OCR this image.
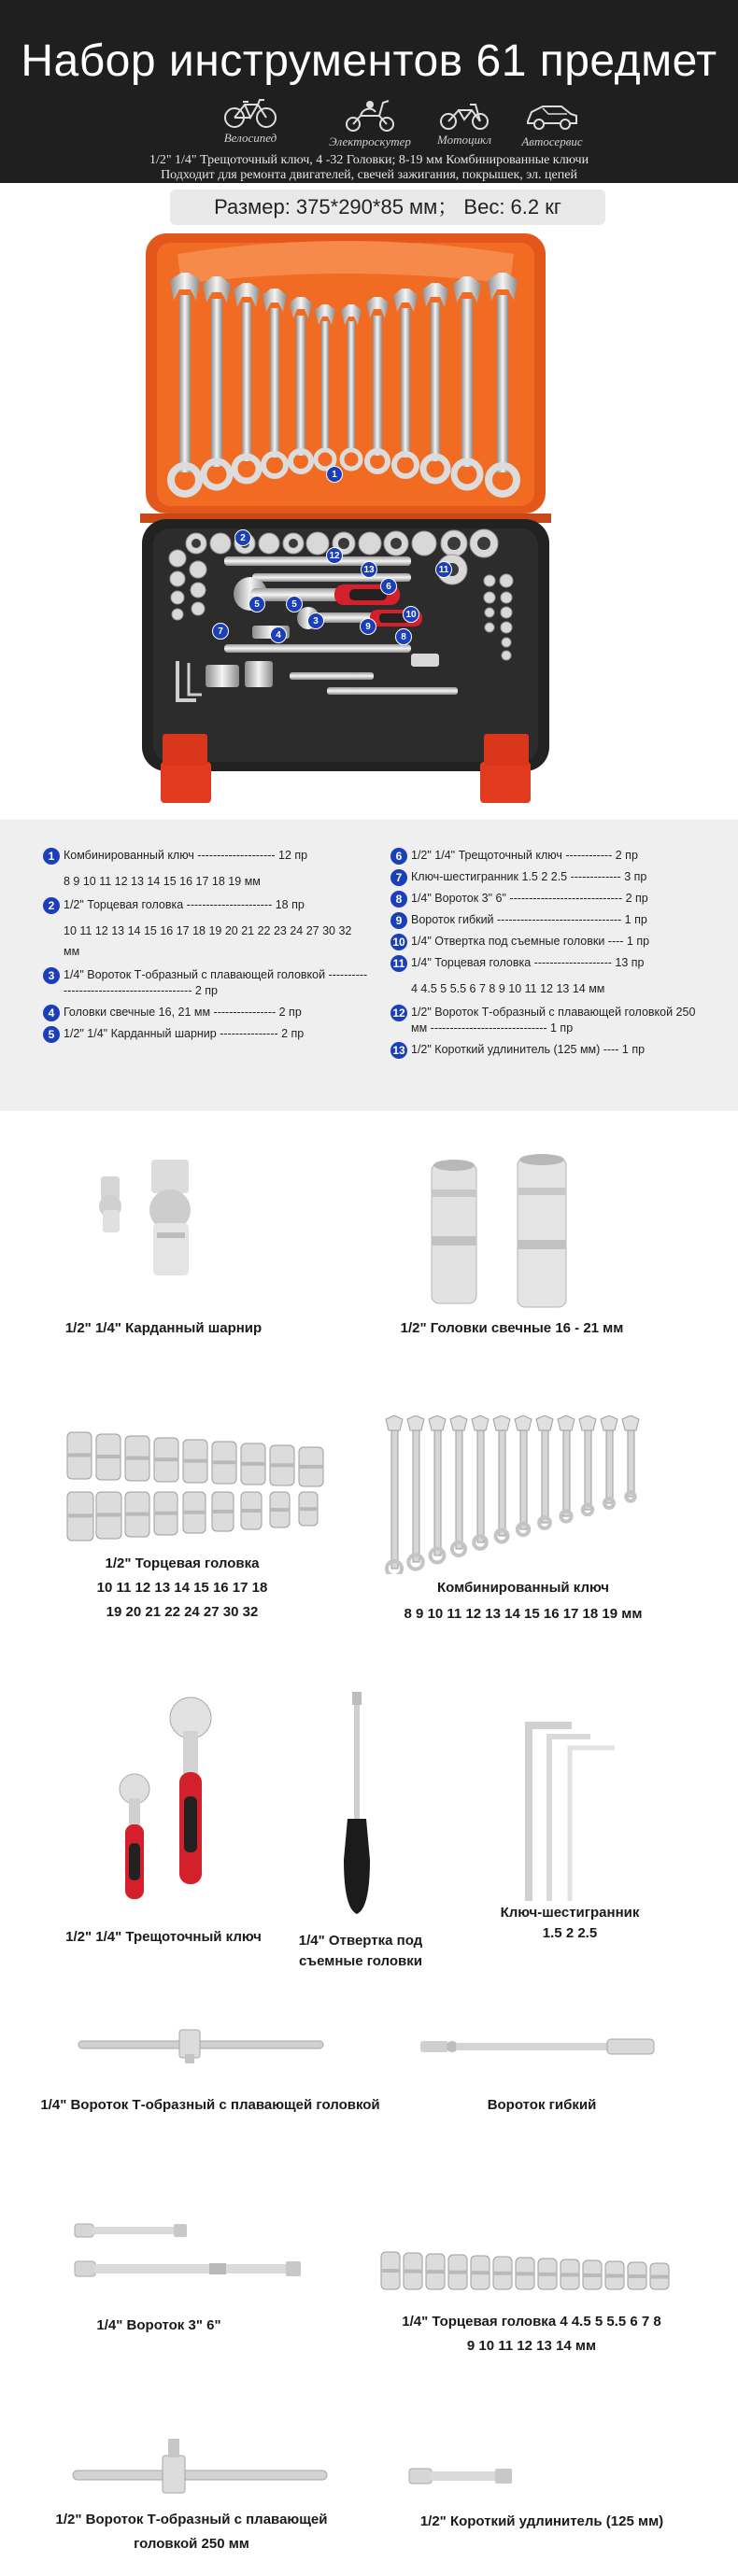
Набор инструментов 61 предмет
Велосипед	Электроскутер	Мотоцикл	Автосервис
1/2" 1/4" Трещоточный ключ, 4 -32 Головки; 8-19 мм Комбинированные ключи
Подходит для ремонта двигателей, свечей зажигания, покрышек, эл. цепей
Размер: 375*290*85 мм； Вес: 6.2 кг
1
2
3
4
5	5
6
7
8
9
10
11
12
13
1 Комбинированный ключ -------------------- 12 пр
8 9 10 11 12 13 14 15 16 17 18 19 мм
2 1/2" Торцевая головка ---------------------- 18 пр
10 11 12 13 14 15 16 17 18 19 20 21 22 23 24 27 30 32 мм
3 1/4" Вороток Т-образный с плавающей головкой ------------------------------------------- 2 пр
4 Головки свечные 16, 21 мм ---------------- 2 пр
5 1/2" 1/4" Карданный шарнир --------------- 2 пр
6 1/2" 1/4" Трещоточный ключ ------------ 2 пр
7 Ключ-шестигранник 1.5 2 2.5 ------------- 3 пр
8 1/4" Вороток 3" 6" ----------------------------- 2 пр
9 Вороток гибкий -------------------------------- 1 пр
10 1/4" Отвертка под съемные головки ---- 1 пр
11 1/4" Торцевая головка -------------------- 13 пр
4 4.5 5 5.5 6 7 8 9 10 11 12 13 14 мм
12 1/2" Вороток Т-образный с плавающей головкой 250 мм ------------------------------ 1 пр
13 1/2" Короткий удлинитель (125 мм) ---- 1 пр
1/2" 1/4" Карданный шарнир	1/2" Головки свечные 16 - 21 мм
1/2" Торцевая головка
10 11 12 13 14 15 16 17 18
19 20 21 22 24 27 30 32
Комбинированный ключ
8 9 10 11 12 13 14 15 16 17 18 19 мм
1/2" 1/4" Трещоточный ключ	1/4" Отвертка под
съемные головки
Ключ-шестигранник
1.5 2 2.5
1/4" Вороток Т-образный с плавающей головкой	Вороток гибкий
1/4" Вороток 3" 6"	1/4" Торцевая головка 4 4.5 5 5.5 6 7 8
9 10 11 12 13 14 мм
1/2" Вороток Т-образный с плавающей
головкой 250 мм
1/2" Короткий удлинитель (125 мм)
